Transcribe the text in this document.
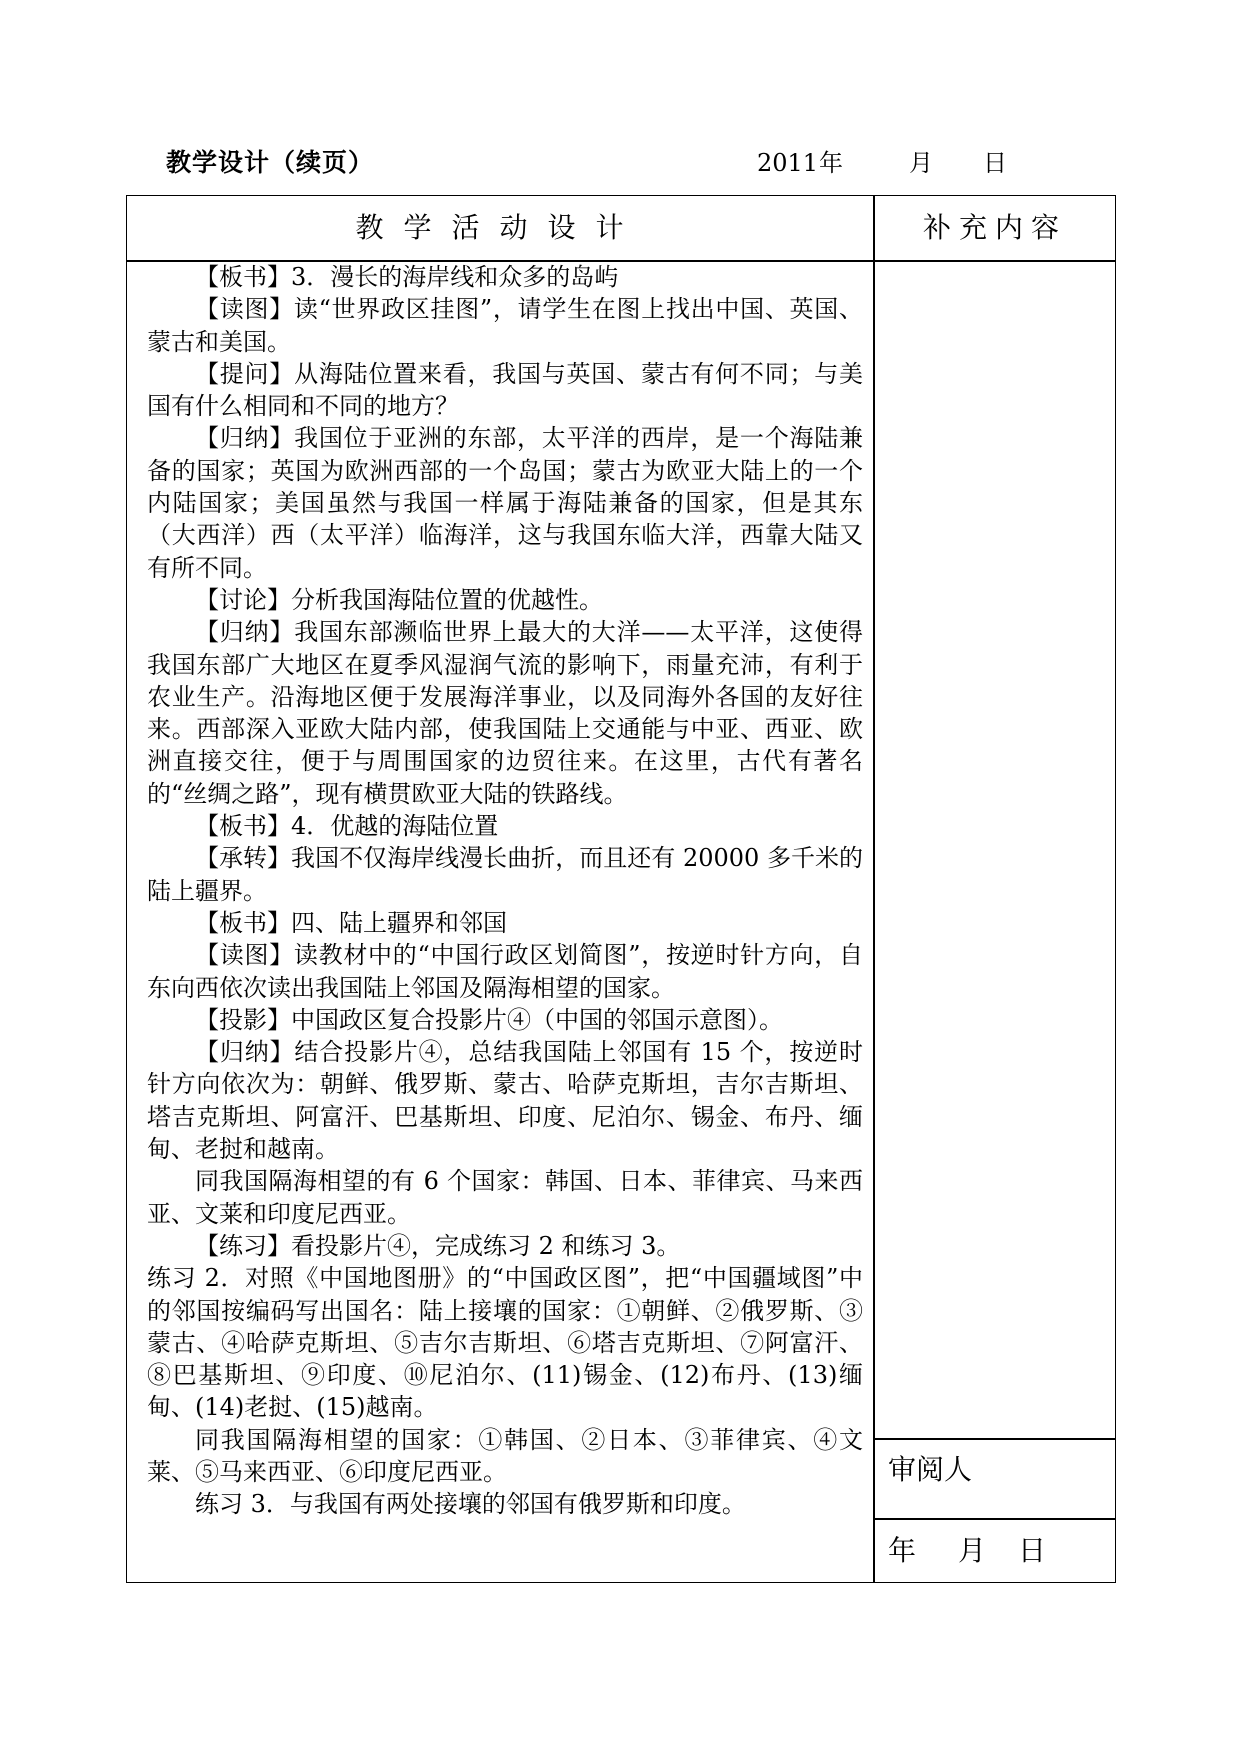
教学设计（续页）	2011年	月 日
教学活动设计	补充内容

【板书】3．漫长的海岸线和众多的岛屿

【读图】读“世界政区挂图”，请学生在图上找出中国、英国、蒙古和美国。

【提问】从海陆位置来看，我国与英国、蒙古有何不同；与美国有什么相同和不同的地方？

【归纳】我国位于亚洲的东部，太平洋的西岸，是一个海陆兼备的国家；英国为欧洲西部的一个岛国；蒙古为欧亚大陆上的一个内陆国家；美国虽然与我国一样属于海陆兼备的国家，但是其东（大西洋）西（太平洋）临海洋，这与我国东临大洋，西靠大陆又有所不同。

【讨论】分析我国海陆位置的优越性。

【归纳】我国东部濒临世界上最大的大洋——太平洋，这使得我国东部广大地区在夏季风湿润气流的影响下，雨量充沛，有利于农业生产。沿海地区便于发展海洋事业，以及同海外各国的友好往来。西部深入亚欧大陆内部，使我国陆上交通能与中亚、西亚、欧洲直接交往，便于与周围国家的边贸往来。在这里，古代有著名的“丝绸之路”，现有横贯欧亚大陆的铁路线。

【板书】4．优越的海陆位置

【承转】我国不仅海岸线漫长曲折，而且还有 20000 多千米的陆上疆界。

【板书】四、陆上疆界和邻国

【读图】读教材中的“中国行政区划简图”，按逆时针方向，自东向西依次读出我国陆上邻国及隔海相望的国家。

【投影】中国政区复合投影片④（中国的邻国示意图）。

【归纳】结合投影片④，总结我国陆上邻国有 15 个，按逆时针方向依次为：朝鲜、俄罗斯、蒙古、哈萨克斯坦，吉尔吉斯坦、塔吉克斯坦、阿富汗、巴基斯坦、印度、尼泊尔、锡金、布丹、缅甸、老挝和越南。

同我国隔海相望的有 6 个国家：韩国、日本、菲律宾、马来西亚、文莱和印度尼西亚。

【练习】看投影片④，完成练习 2 和练习 3。

练习 2．对照《中国地图册》的“中国政区图”，把“中国疆域图”中的邻国按编码写出国名：陆上接壤的国家：①朝鲜、②俄罗斯、③蒙古、④哈萨克斯坦、⑤吉尔吉斯坦、⑥塔吉克斯坦、⑦阿富汗、⑧巴基斯坦、⑨印度、⑩尼泊尔、(11)锡金、(12)布丹、(13)缅甸、(14)老挝、(15)越南。

同我国隔海相望的国家：①韩国、②日本、③菲律宾、④文莱、⑤马来西亚、⑥印度尼西亚。

练习 3．与我国有两处接壤的邻国有俄罗斯和印度。

审阅人
年 月 日
